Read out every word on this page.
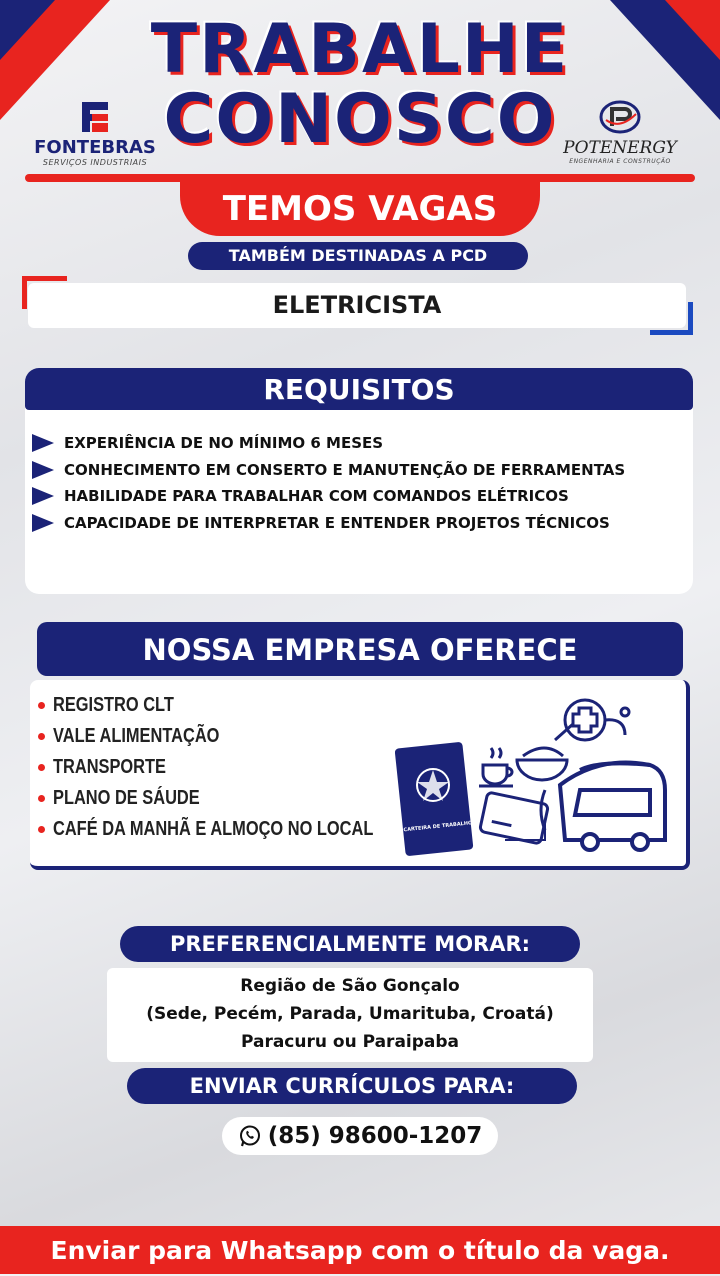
TRABALHE
CONOSCO
FONTEBRAS
SERVIÇOS INDUSTRIAIS
POTENERGY
ENGENHARIA E CONSTRUÇÃO
TEMOS VAGAS
TAMBÉM DESTINADAS A PCD
ELETRICISTA
REQUISITOS
EXPERIÊNCIA DE NO MÍNIMO 6 MESES
CONHECIMENTO EM CONSERTO E MANUTENÇÃO DE FERRAMENTAS
HABILIDADE PARA TRABALHAR COM COMANDOS ELÉTRICOS
CAPACIDADE DE INTERPRETAR E ENTENDER PROJETOS TÉCNICOS
NOSSA EMPRESA OFERECE
REGISTRO CLT
VALE ALIMENTAÇÃO
TRANSPORTE
PLANO DE SÁUDE
CAFÉ DA MANHÃ E ALMOÇO NO LOCAL	CARTEIRA DE TRABALHO
PREFERENCIALMENTE MORAR:
Região de São Gonçalo
(Sede, Pecém, Parada, Umarituba, Croatá)
Paracuru ou Paraipaba
ENVIAR CURRÍCULOS PARA:
(85) 98600-1207
Enviar para Whatsapp com o título da vaga.
